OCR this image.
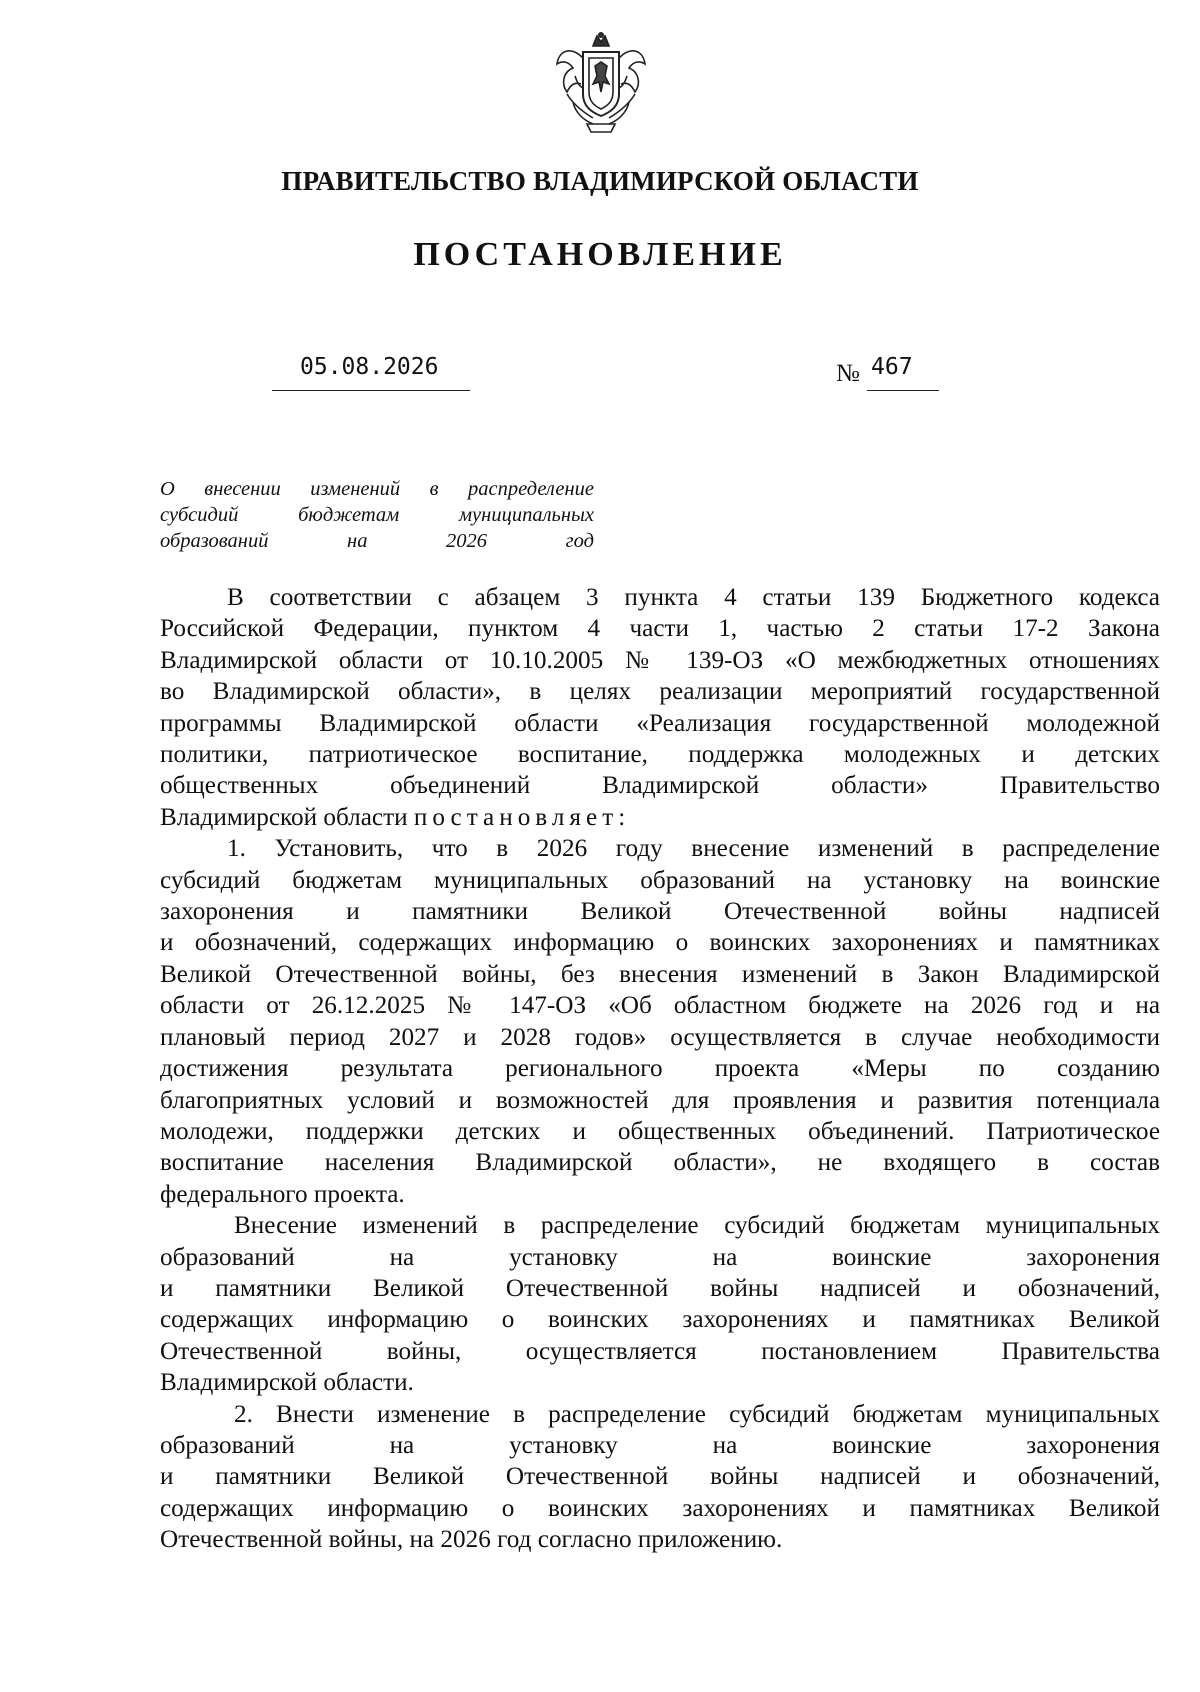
ПРАВИТЕЛЬСТВО ВЛАДИМИРСКОЙ ОБЛАСТИ
ПОСТАНОВЛЕНИЕ
05.08.2026	№ 467
О внесении изменений в распределение
субсидий бюджетам муниципальных
образований на 2026 год
В соответствии с абзацем 3 пункта 4 статьи 139 Бюджетного кодекса
Российской Федерации, пунктом 4 части 1, частью 2 статьи 17-2 Закона
Владимирской области от 10.10.2005 № 139-ОЗ «О межбюджетных отношениях
во Владимирской области», в целях реализации мероприятий государственной
программы Владимирской области «Реализация государственной молодежной
политики, патриотическое воспитание, поддержка молодежных и детских
общественных объединений Владимирской области» Правительство
Владимирской области постановляет:
1. Установить, что в 2026 году внесение изменений в распределение
субсидий бюджетам муниципальных образований на установку на воинские
захоронения и памятники Великой Отечественной войны надписей
и обозначений, содержащих информацию о воинских захоронениях и памятниках
Великой Отечественной войны, без внесения изменений в Закон Владимирской
области от 26.12.2025 № 147-ОЗ «Об областном бюджете на 2026 год и на
плановый период 2027 и 2028 годов» осуществляется в случае необходимости
достижения результата регионального проекта «Меры по созданию
благоприятных условий и возможностей для проявления и развития потенциала
молодежи, поддержки детских и общественных объединений. Патриотическое
воспитание населения Владимирской области», не входящего в состав
федерального проекта.
Внесение изменений в распределение субсидий бюджетам муниципальных
образований на установку на воинские захоронения
и памятники Великой Отечественной войны надписей и обозначений,
содержащих информацию о воинских захоронениях и памятниках Великой
Отечественной войны, осуществляется постановлением Правительства
Владимирской области.
2. Внести изменение в распределение субсидий бюджетам муниципальных
образований на установку на воинские захоронения
и памятники Великой Отечественной войны надписей и обозначений,
содержащих информацию о воинских захоронениях и памятниках Великой
Отечественной войны, на 2026 год согласно приложению.
